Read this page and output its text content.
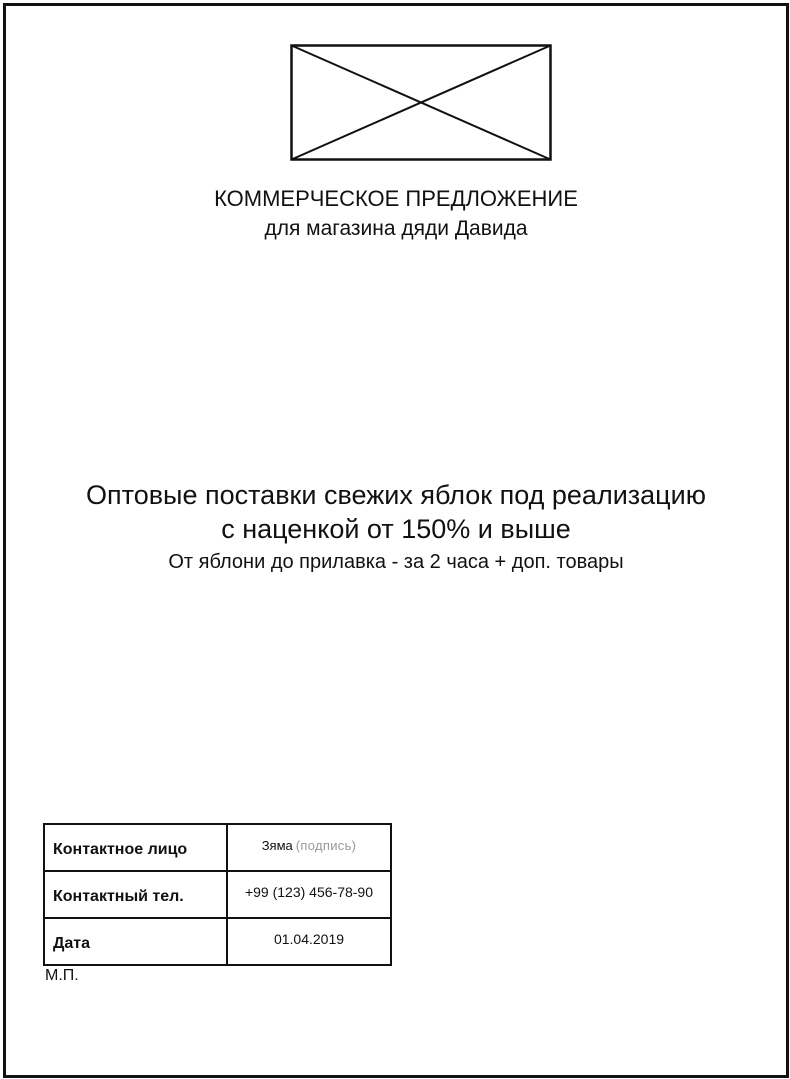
КОММЕРЧЕСКОЕ ПРЕДЛОЖЕНИЕ
для магазина дяди Давида
Оптовые поставки свежих яблок под реализацию
с наценкой от 150% и выше
От яблони до прилавка - за 2 часа + доп. товары
Контактное лицо	Зяма (подпись)
Контактный тел.	+99 (123) 456-78-90
Дата	01.04.2019
М.П.
